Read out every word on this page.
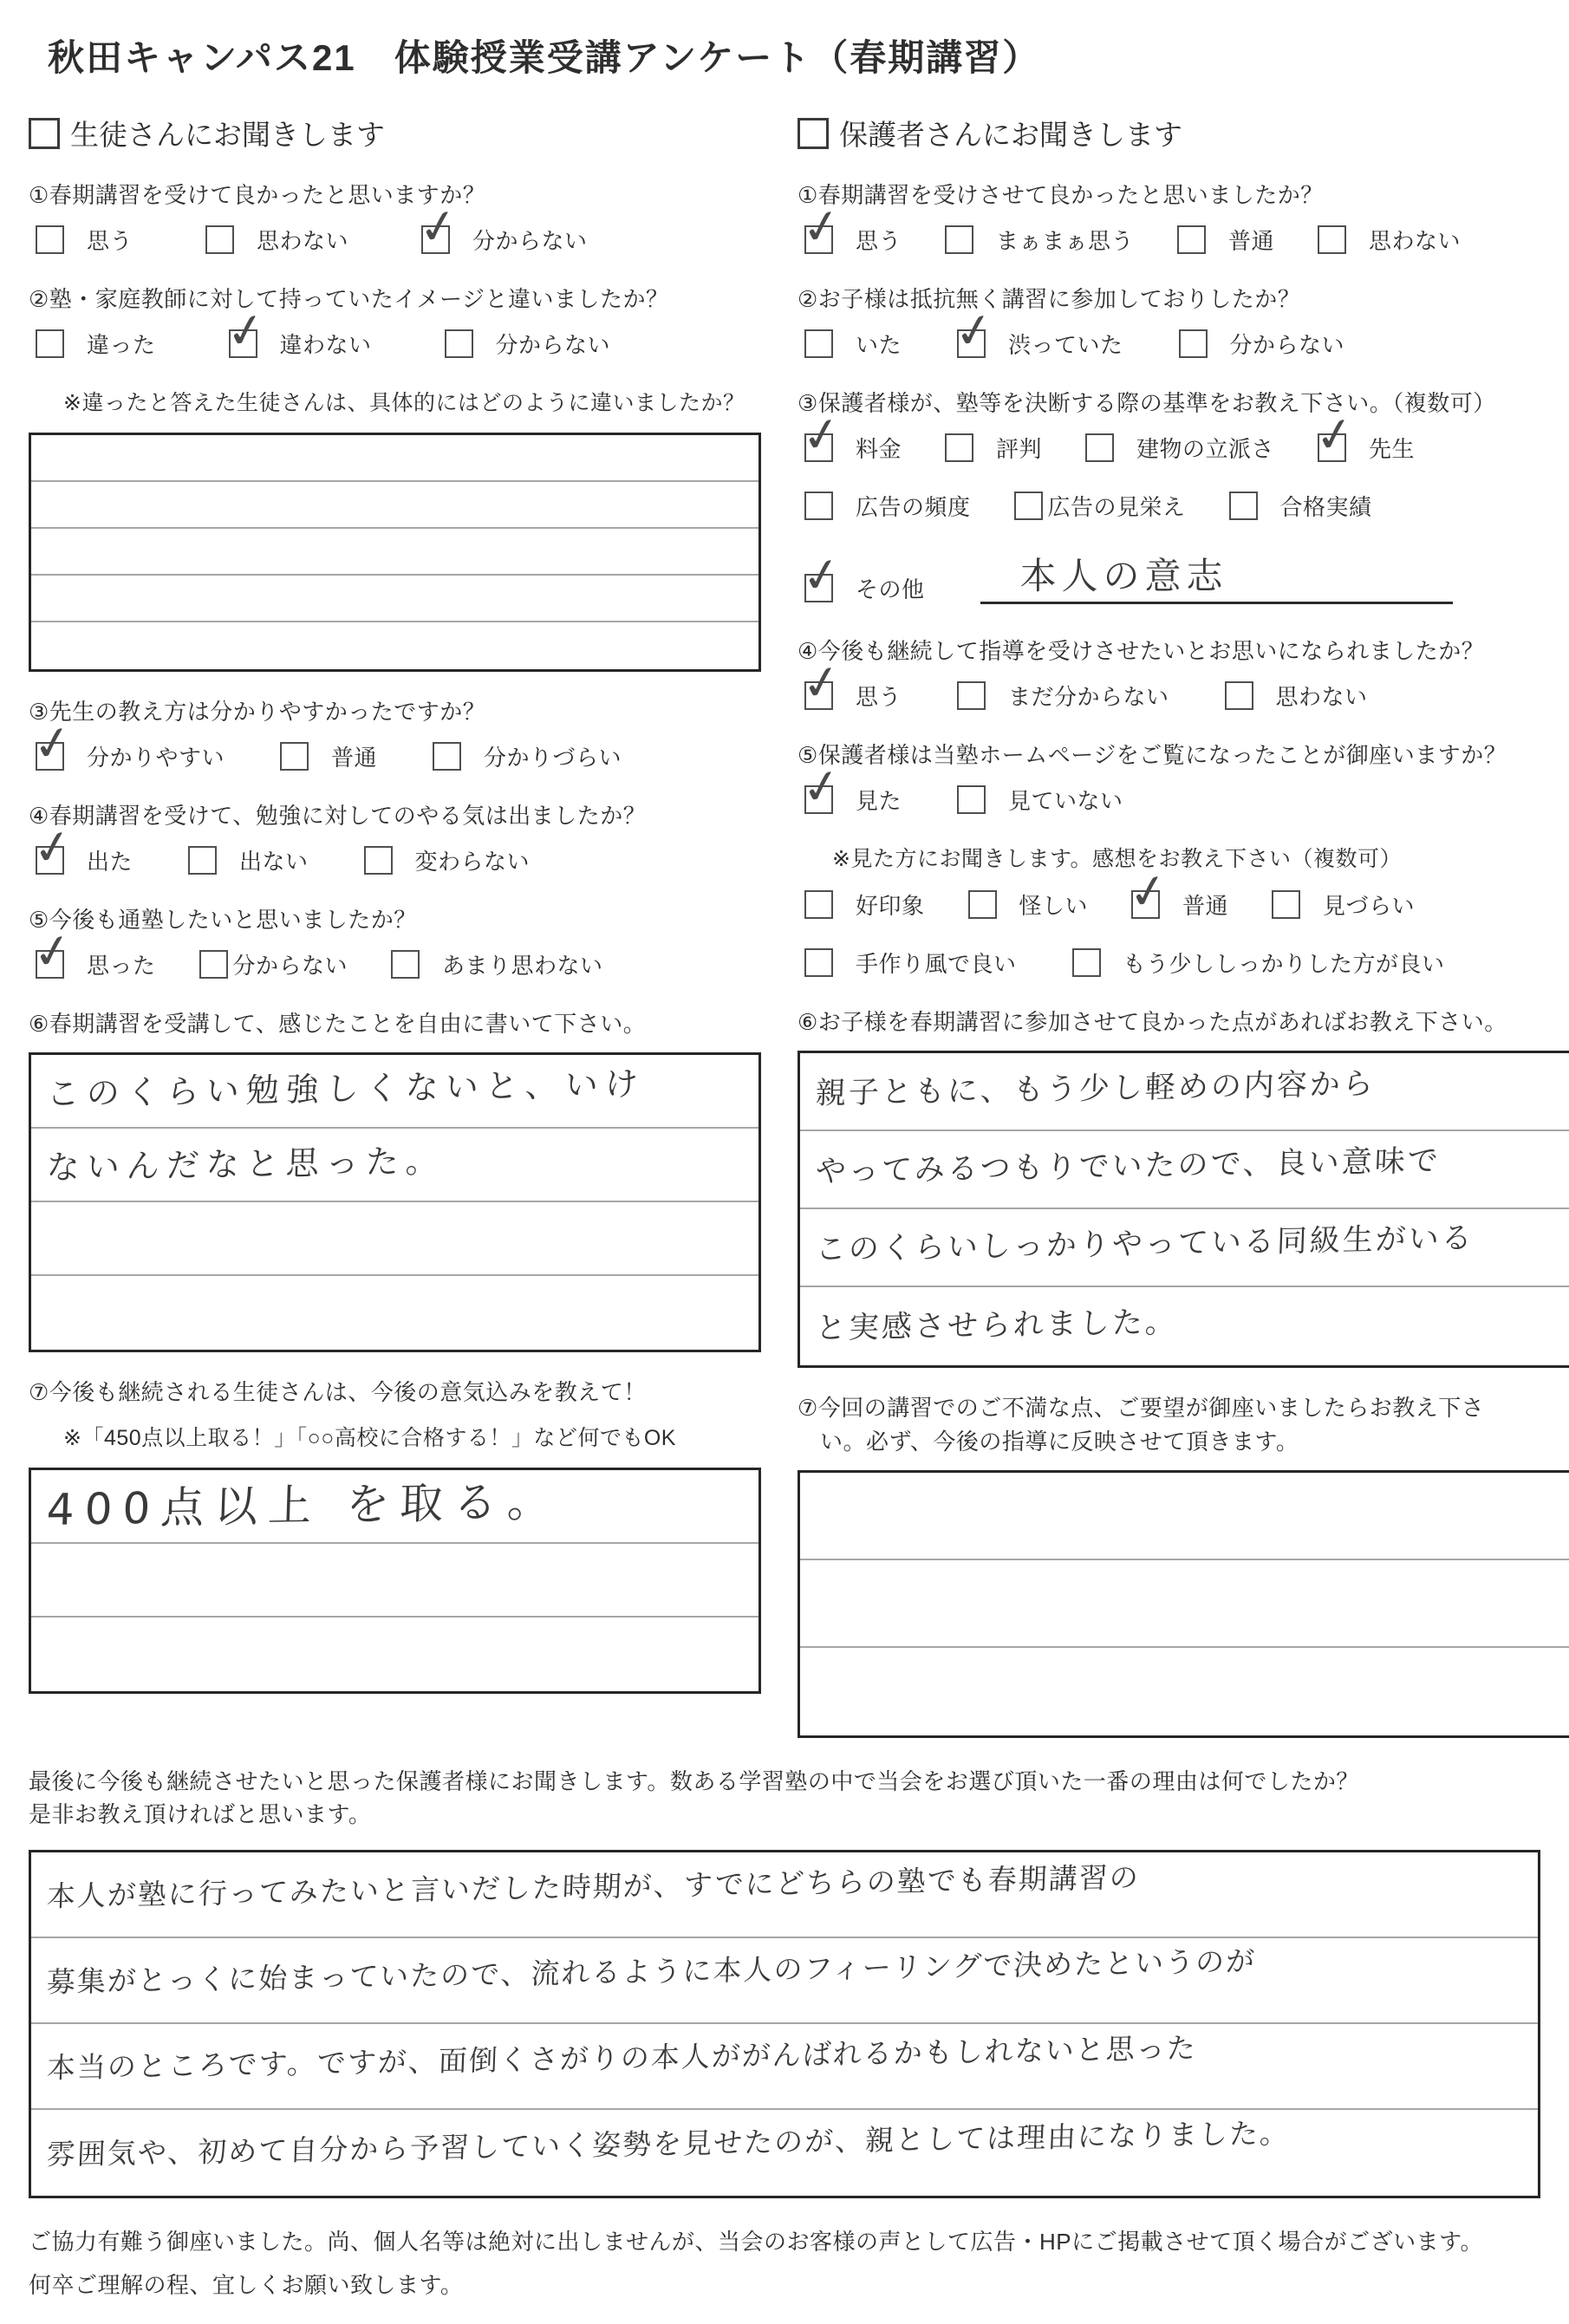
秋田キャンパス21　体験授業受講アンケート（春期講習）
生徒さんにお聞きします
①春期講習を受けて良かったと思いますか？
思う	思わない ✓ 分からない
②塾・家庭教師に対して持っていたイメージと違いましたか？
違った ✓ 違わない	分からない
※違ったと答えた生徒さんは、具体的にはどのように違いましたか？
③先生の教え方は分かりやすかったですか？
✓ 分かりやすい	普通	分かりづらい
④春期講習を受けて、勉強に対してのやる気は出ましたか？
✓ 出た	出ない	変わらない
⑤今後も通塾したいと思いましたか？
✓ 思った	分からない	あまり思わない
⑥春期講習を受講して、感じたことを自由に書いて下さい。
このくらい勉強しくないと、いけ
ないんだなと思った。
⑦今後も継続される生徒さんは、今後の意気込みを教えて！
※「450点以上取る！」「○○高校に合格する！」など何でもOK
400点以上 を取る。
保護者さんにお聞きします
①春期講習を受けさせて良かったと思いましたか？
✓ 思う	まぁまぁ思う	普通	思わない
②お子様は抵抗無く講習に参加しておりしたか？
いた ✓ 渋っていた	分からない
③保護者様が、塾等を決断する際の基準をお教え下さい。（複数可）
✓ 料金	評判	建物の立派さ ✓ 先生
広告の頻度	広告の見栄え	合格実績
✓ その他	本人の意志
④今後も継続して指導を受けさせたいとお思いになられましたか？
✓ 思う	まだ分からない	思わない
⑤保護者様は当塾ホームページをご覧になったことが御座いますか？
✓ 見た	見ていない
※見た方にお聞きします。感想をお教え下さい（複数可）
好印象	怪しい ✓ 普通	見づらい
手作り風で良い	もう少ししっかりした方が良い
⑥お子様を春期講習に参加させて良かった点があればお教え下さい。
親子ともに、もう少し軽めの内容から
やってみるつもりでいたので、良い意味で
このくらいしっかりやっている同級生がいる
と実感させられました。
⑦今回の講習でのご不満な点、ご要望が御座いましたらお教え下さ
い。必ず、今後の指導に反映させて頂きます。
最後に今後も継続させたいと思った保護者様にお聞きします。数ある学習塾の中で当会をお選び頂いた一番の理由は何でしたか？
是非お教え頂ければと思います。
本人が塾に行ってみたいと言いだした時期が、すでにどちらの塾でも春期講習の
募集がとっくに始まっていたので、流れるように本人のフィーリングで決めたというのが
本当のところです。ですが、面倒くさがりの本人ががんばれるかもしれないと思った
雰囲気や、初めて自分から予習していく姿勢を見せたのが、親としては理由になりました。
ご協力有難う御座いました。尚、個人名等は絶対に出しませんが、当会のお客様の声として広告・HPにご掲載させて頂く場合がございます。
何卒ご理解の程、宜しくお願い致します。
